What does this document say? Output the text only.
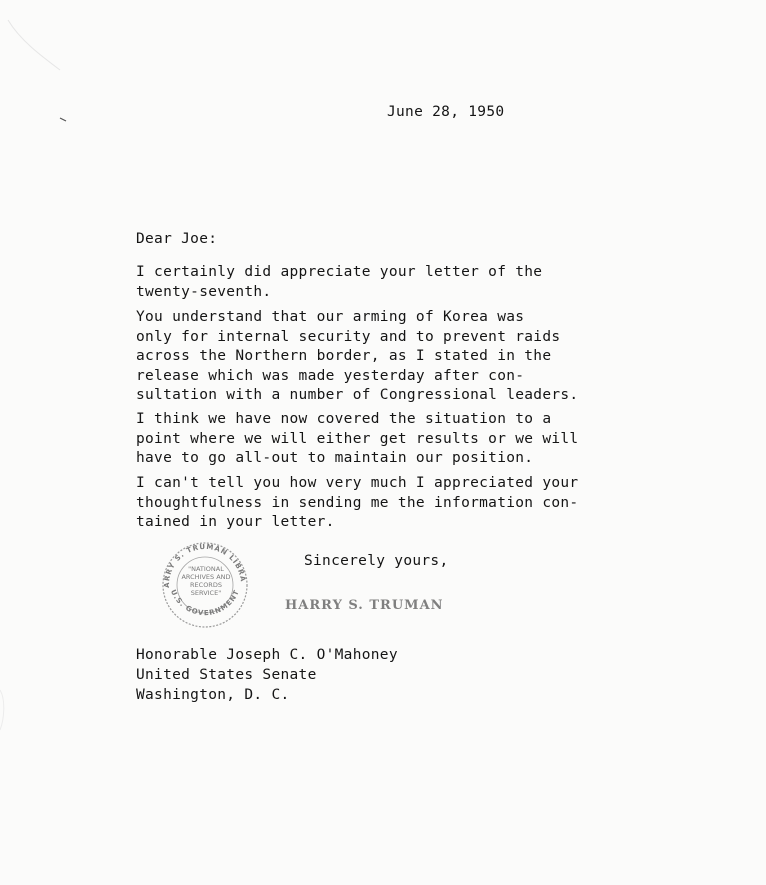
June 28, 1950
Dear Joe:
I certainly did appreciate your letter of the
twenty-seventh.
You understand that our arming of Korea was
only for internal security and to prevent raids
across the Northern border, as I stated in the
release which was made yesterday after con-
sultation with a number of Congressional leaders.
I think we have now covered the situation to a
point where we will either get results or we will
have to go all-out to maintain our position.
I can't tell you how very much I appreciated your
thoughtfulness in sending me the information con-
tained in your letter.
ARRY S. TRUMAN LIBRA
U.S. GOVERNMENT
"NATIONAL
ARCHIVES AND
RECORDS
SERVICE"
Sincerely yours,
HARRY S. TRUMAN
Honorable Joseph C. O'Mahoney
United States Senate
Washington, D. C.
